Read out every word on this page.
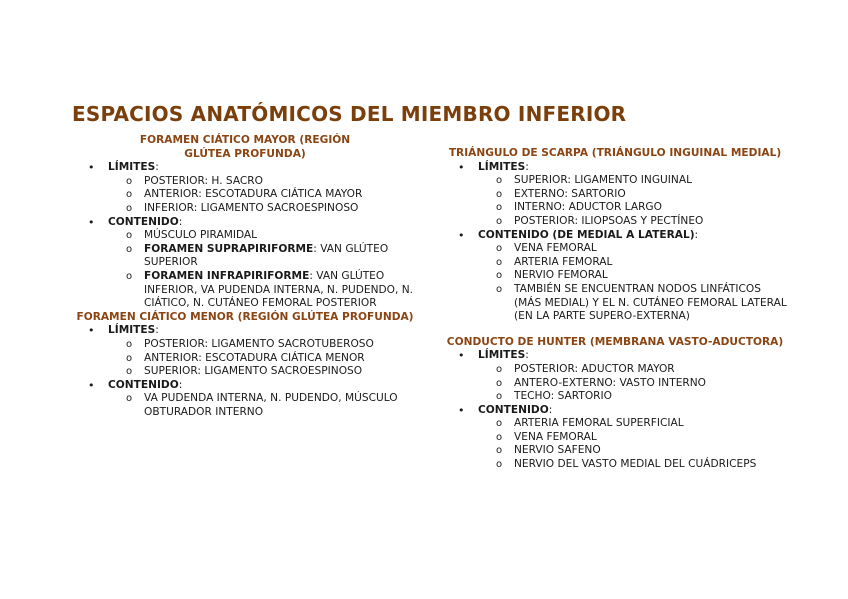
ESPACIOS ANATÓMICOS DEL MIEMBRO INFERIOR

FORAMEN CIÁTICO MAYOR (REGIÓN GLÚTEA PROFUNDA)

• LÍMITES:
o POSTERIOR: H. SACRO
o ANTERIOR: ESCOTADURA CIÁTICA MAYOR
o INFERIOR: LIGAMENTO SACROESPINOSO
• CONTENIDO:
o MÚSCULO PIRAMIDAL
o FORAMEN SUPRAPIRIFORME: VAN GLÚTEO SUPERIOR
o FORAMEN INFRAPIRIFORME: VAN GLÚTEO INFERIOR, VA PUDENDA INTERNA, N. PUDENDO, N. CIÁTICO, N. CUTÁNEO FEMORAL POSTERIOR

FORAMEN CIÁTICO MENOR (REGIÓN GLÚTEA PROFUNDA)

• LÍMITES:
o POSTERIOR: LIGAMENTO SACROTUBEROSO
o ANTERIOR: ESCOTADURA CIÁTICA MENOR
o SUPERIOR: LIGAMENTO SACROESPINOSO
• CONTENIDO:
o VA PUDENDA INTERNA, N. PUDENDO, MÚSCULO OBTURADOR INTERNO

TRIÁNGULO DE SCARPA (TRIÁNGULO INGUINAL MEDIAL)

• LÍMITES:
o SUPERIOR: LIGAMENTO INGUINAL
o EXTERNO: SARTORIO
o INTERNO: ADUCTOR LARGO
o POSTERIOR: ILIOPSOAS Y PECTÍNEO
• CONTENIDO (DE MEDIAL A LATERAL):
o VENA FEMORAL
o ARTERIA FEMORAL
o NERVIO FEMORAL
o TAMBIÉN SE ENCUENTRAN NODOS LINFÁTICOS (MÁS MEDIAL) Y EL N. CUTÁNEO FEMORAL LATERAL (EN LA PARTE SUPERO-EXTERNA)

CONDUCTO DE HUNTER (MEMBRANA VASTO-ADUCTORA)

• LÍMITES:
o POSTERIOR: ADUCTOR MAYOR
o ANTERO-EXTERNO: VASTO INTERNO
o TECHO: SARTORIO
• CONTENIDO:
o ARTERIA FEMORAL SUPERFICIAL
o VENA FEMORAL
o NERVIO SAFENO
o NERVIO DEL VASTO MEDIAL DEL CUÁDRICEPS
